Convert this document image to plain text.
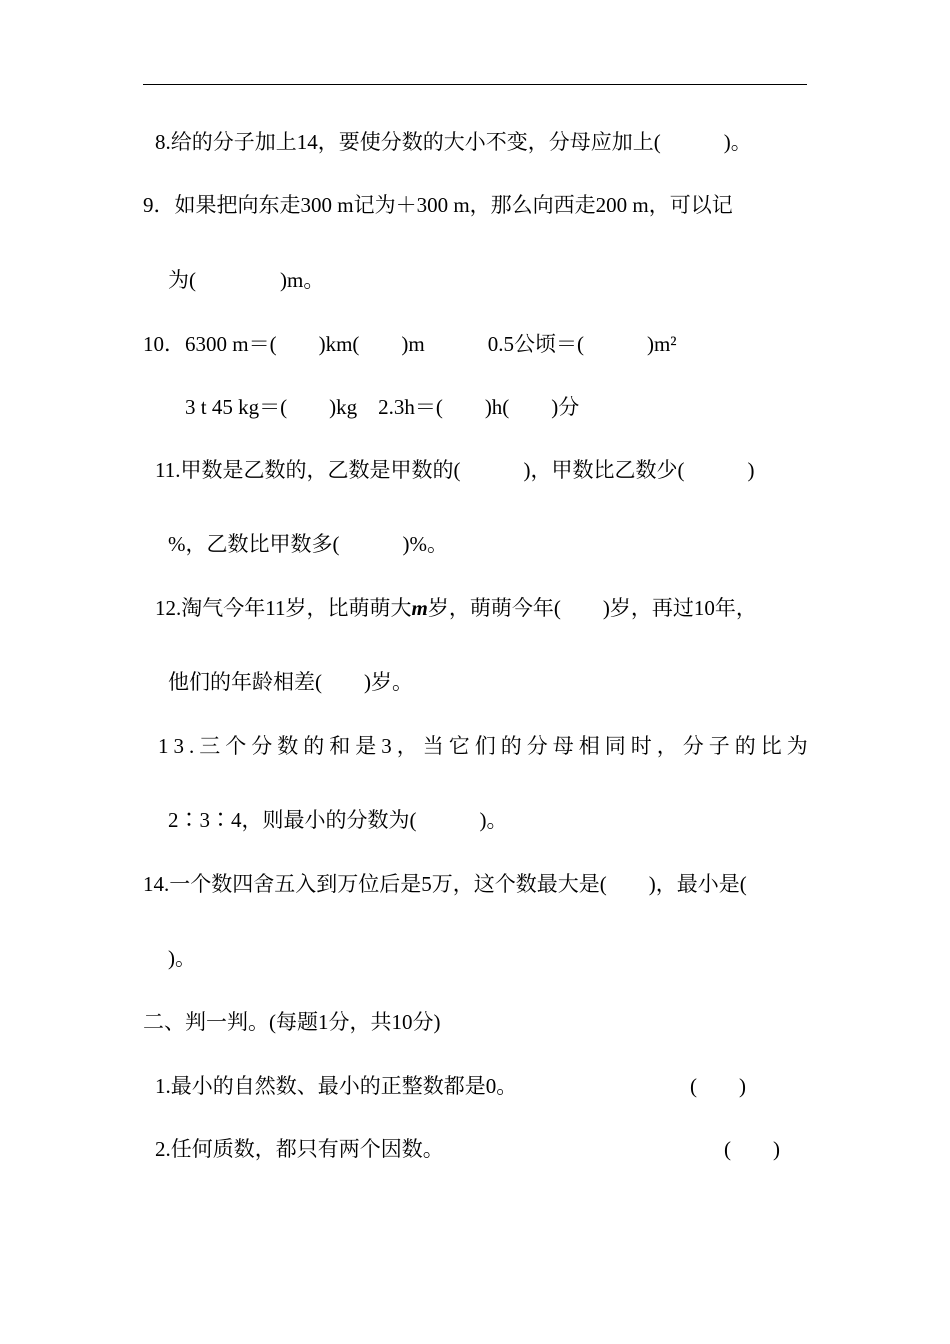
8.给的分子加上14，要使分数的大小不变，分母应加上(　　　)。
9．如果把向东走300 m记为＋300 m，那么向西走200 m，可以记
为(　　　　)m。
10．6300 m＝(　　)km(　　)m　　　0.5公顷＝(　　　)m²
3 t 45 kg＝(　　)kg　2.3h＝(　　)h(　　)分
11.甲数是乙数的，乙数是甲数的(　　　)，甲数比乙数少(　　　)
%，乙数比甲数多(　　　)%。
12.淘气今年11岁，比萌萌大m岁，萌萌今年(　　)岁，再过10年，
他们的年龄相差(　　)岁。
13.三个分数的和是3，当它们的分母相同时，分子的比为
2∶3∶4，则最小的分数为(　　　)。
14.一个数四舍五入到万位后是5万，这个数最大是(　　)，最小是(
)。
二、判一判。(每题1分，共10分)
1.最小的自然数、最小的正整数都是0。	(　　)
2.任何质数，都只有两个因数。	(　　)
